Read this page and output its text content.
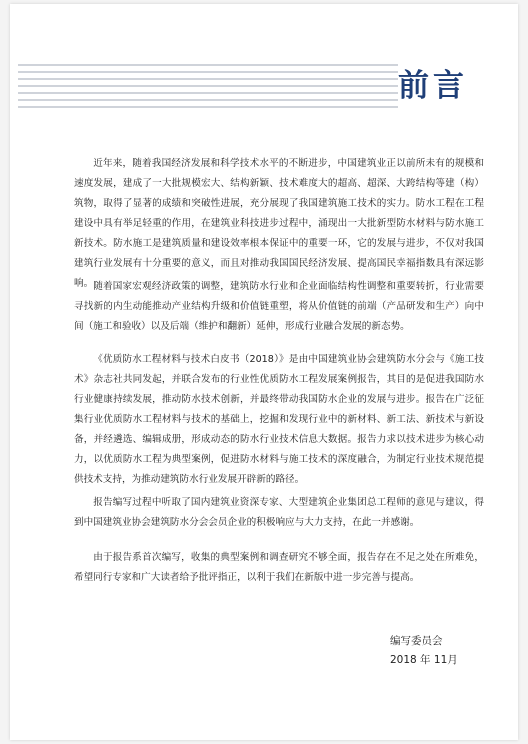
前言

近年来，随着我国经济发展和科学技术水平的不断进步，中国建筑业正以前所未有的规模和速度发展，建成了一大批规模宏大、结构新颖、技术难度大的超高、超深、大跨结构等建（构）筑物，取得了显著的成绩和突破性进展，充分展现了我国建筑施工技术的实力。防水工程在工程建设中具有举足轻重的作用，在建筑业科技进步过程中，涌现出一大批新型防水材料与防水施工新技术。防水施工是建筑质量和建设效率根本保证中的重要一环，它的发展与进步，不仅对我国建筑行业发展有十分重要的意义，而且对推动我国国民经济发展、提高国民幸福指数具有深远影响。 随着国家宏观经济政策的调整，建筑防水行业和企业面临结构性调整和重要转折，行业需要寻找新的内生动能推动产业结构升级和价值链重塑，将从价值链的前端（产品研发和生产）向中间（施工和验收）以及后端（维护和翻新）延伸，形成行业融合发展的新态势。

《优质防水工程材料与技术白皮书（2018）》是由中国建筑业协会建筑防水分会与《施工技术》杂志社共同发起，并联合发布的行业性优质防水工程发展案例报告，其目的是促进我国防水行业健康持续发展，推动防水技术创新，并最终带动我国防水企业的发展与进步。报告在广泛征集行业优质防水工程材料与技术的基础上，挖掘和发现行业中的新材料、新工法、新技术与新设备，并经遴选、编辑成册，形成动态的防水行业技术信息大数据。报告力求以技术进步为核心动力，以优质防水工程为典型案例，促进防水材料与施工技术的深度融合，为制定行业技术规范提供技术支持，为推动建筑防水行业发展开辟新的路径。

报告编写过程中听取了国内建筑业资深专家、大型建筑企业集团总工程师的意见与建议，得到中国建筑业协会建筑防水分会会员企业的积极响应与大力支持，在此一并感谢。

由于报告系首次编写，收集的典型案例和调查研究不够全面，报告存在不足之处在所难免，希望同行专家和广大读者给予批评指正，以利于我们在新版中进一步完善与提高。

编写委员会
2018 年 11月
